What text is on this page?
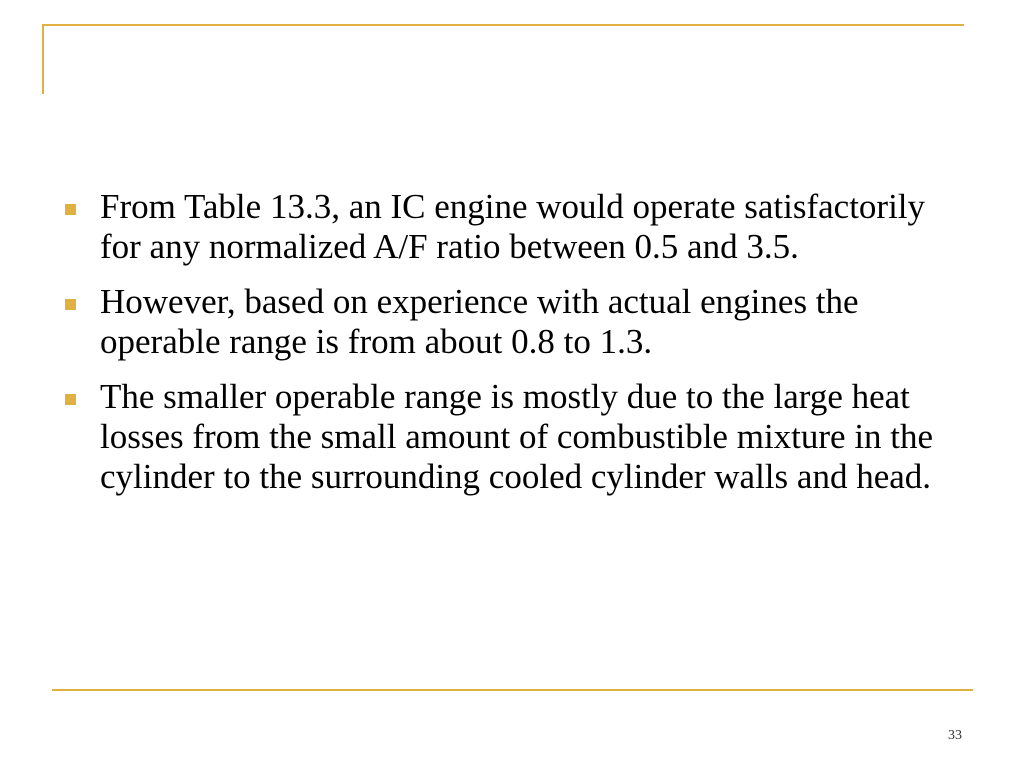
From Table 13.3, an IC engine would operate satisfactorily for any normalized A/F ratio between 0.5 and 3.5.
However, based on experience with actual engines the operable range is from about 0.8 to 1.3.
The smaller operable range is mostly due to the large heat losses from the small amount of combustible mixture in the cylinder to the surrounding cooled cylinder walls and head.
33
